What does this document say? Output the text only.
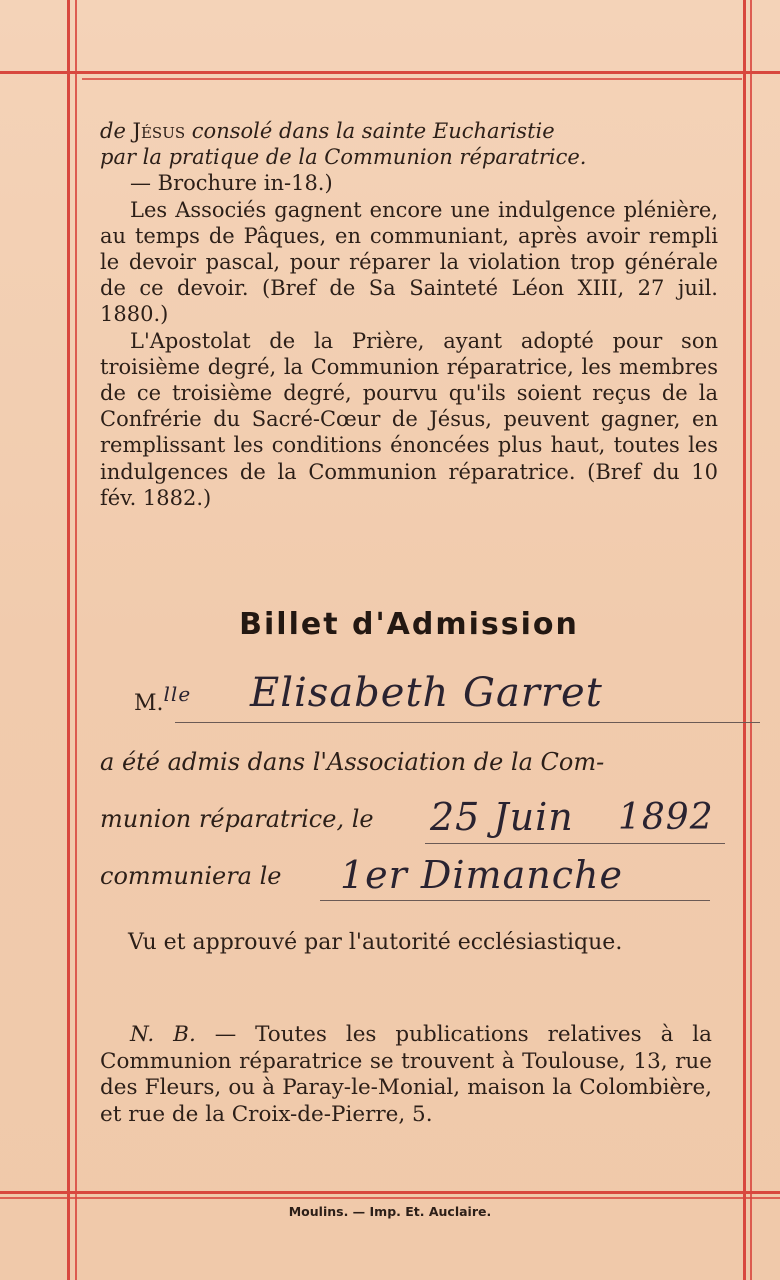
de Jésus consolé dans la sainte Eucharistie

par la pratique de la Communion réparatrice.

— Brochure in-18.)

Les Associés gagnent encore une indulgence plénière, au temps de Pâques, en communiant, après avoir rempli le devoir pascal, pour réparer la violation trop générale de ce devoir. (Bref de Sa Sainteté Léon XIII, 27 juil. 1880.)

L'Apostolat de la Prière, ayant adopté pour son troisième degré, la Communion réparatrice, les membres de ce troisième degré, pourvu qu'ils soient reçus de la Confrérie du Sacré-Cœur de Jésus, peuvent gagner, en remplissant les conditions énoncées plus haut, toutes les indulgences de la Communion réparatrice. (Bref du 10 fév. 1882.)

Billet d'Admission
M.$^{lle}$ Elisabeth Garret
a été admis dans l'Association de la Com-
munion réparatrice, le 25 Juin 1892
communiera le 1er Dimanche
Vu et approuvé par l'autorité ecclésiastique.

N. B. — Toutes les publications relatives à la Communion réparatrice se trouvent à Toulouse, 13, rue des Fleurs, ou à Paray-le-Monial, maison la Colombière, et rue de la Croix-de-Pierre, 5.

Moulins. — Imp. Et. Auclaire.
